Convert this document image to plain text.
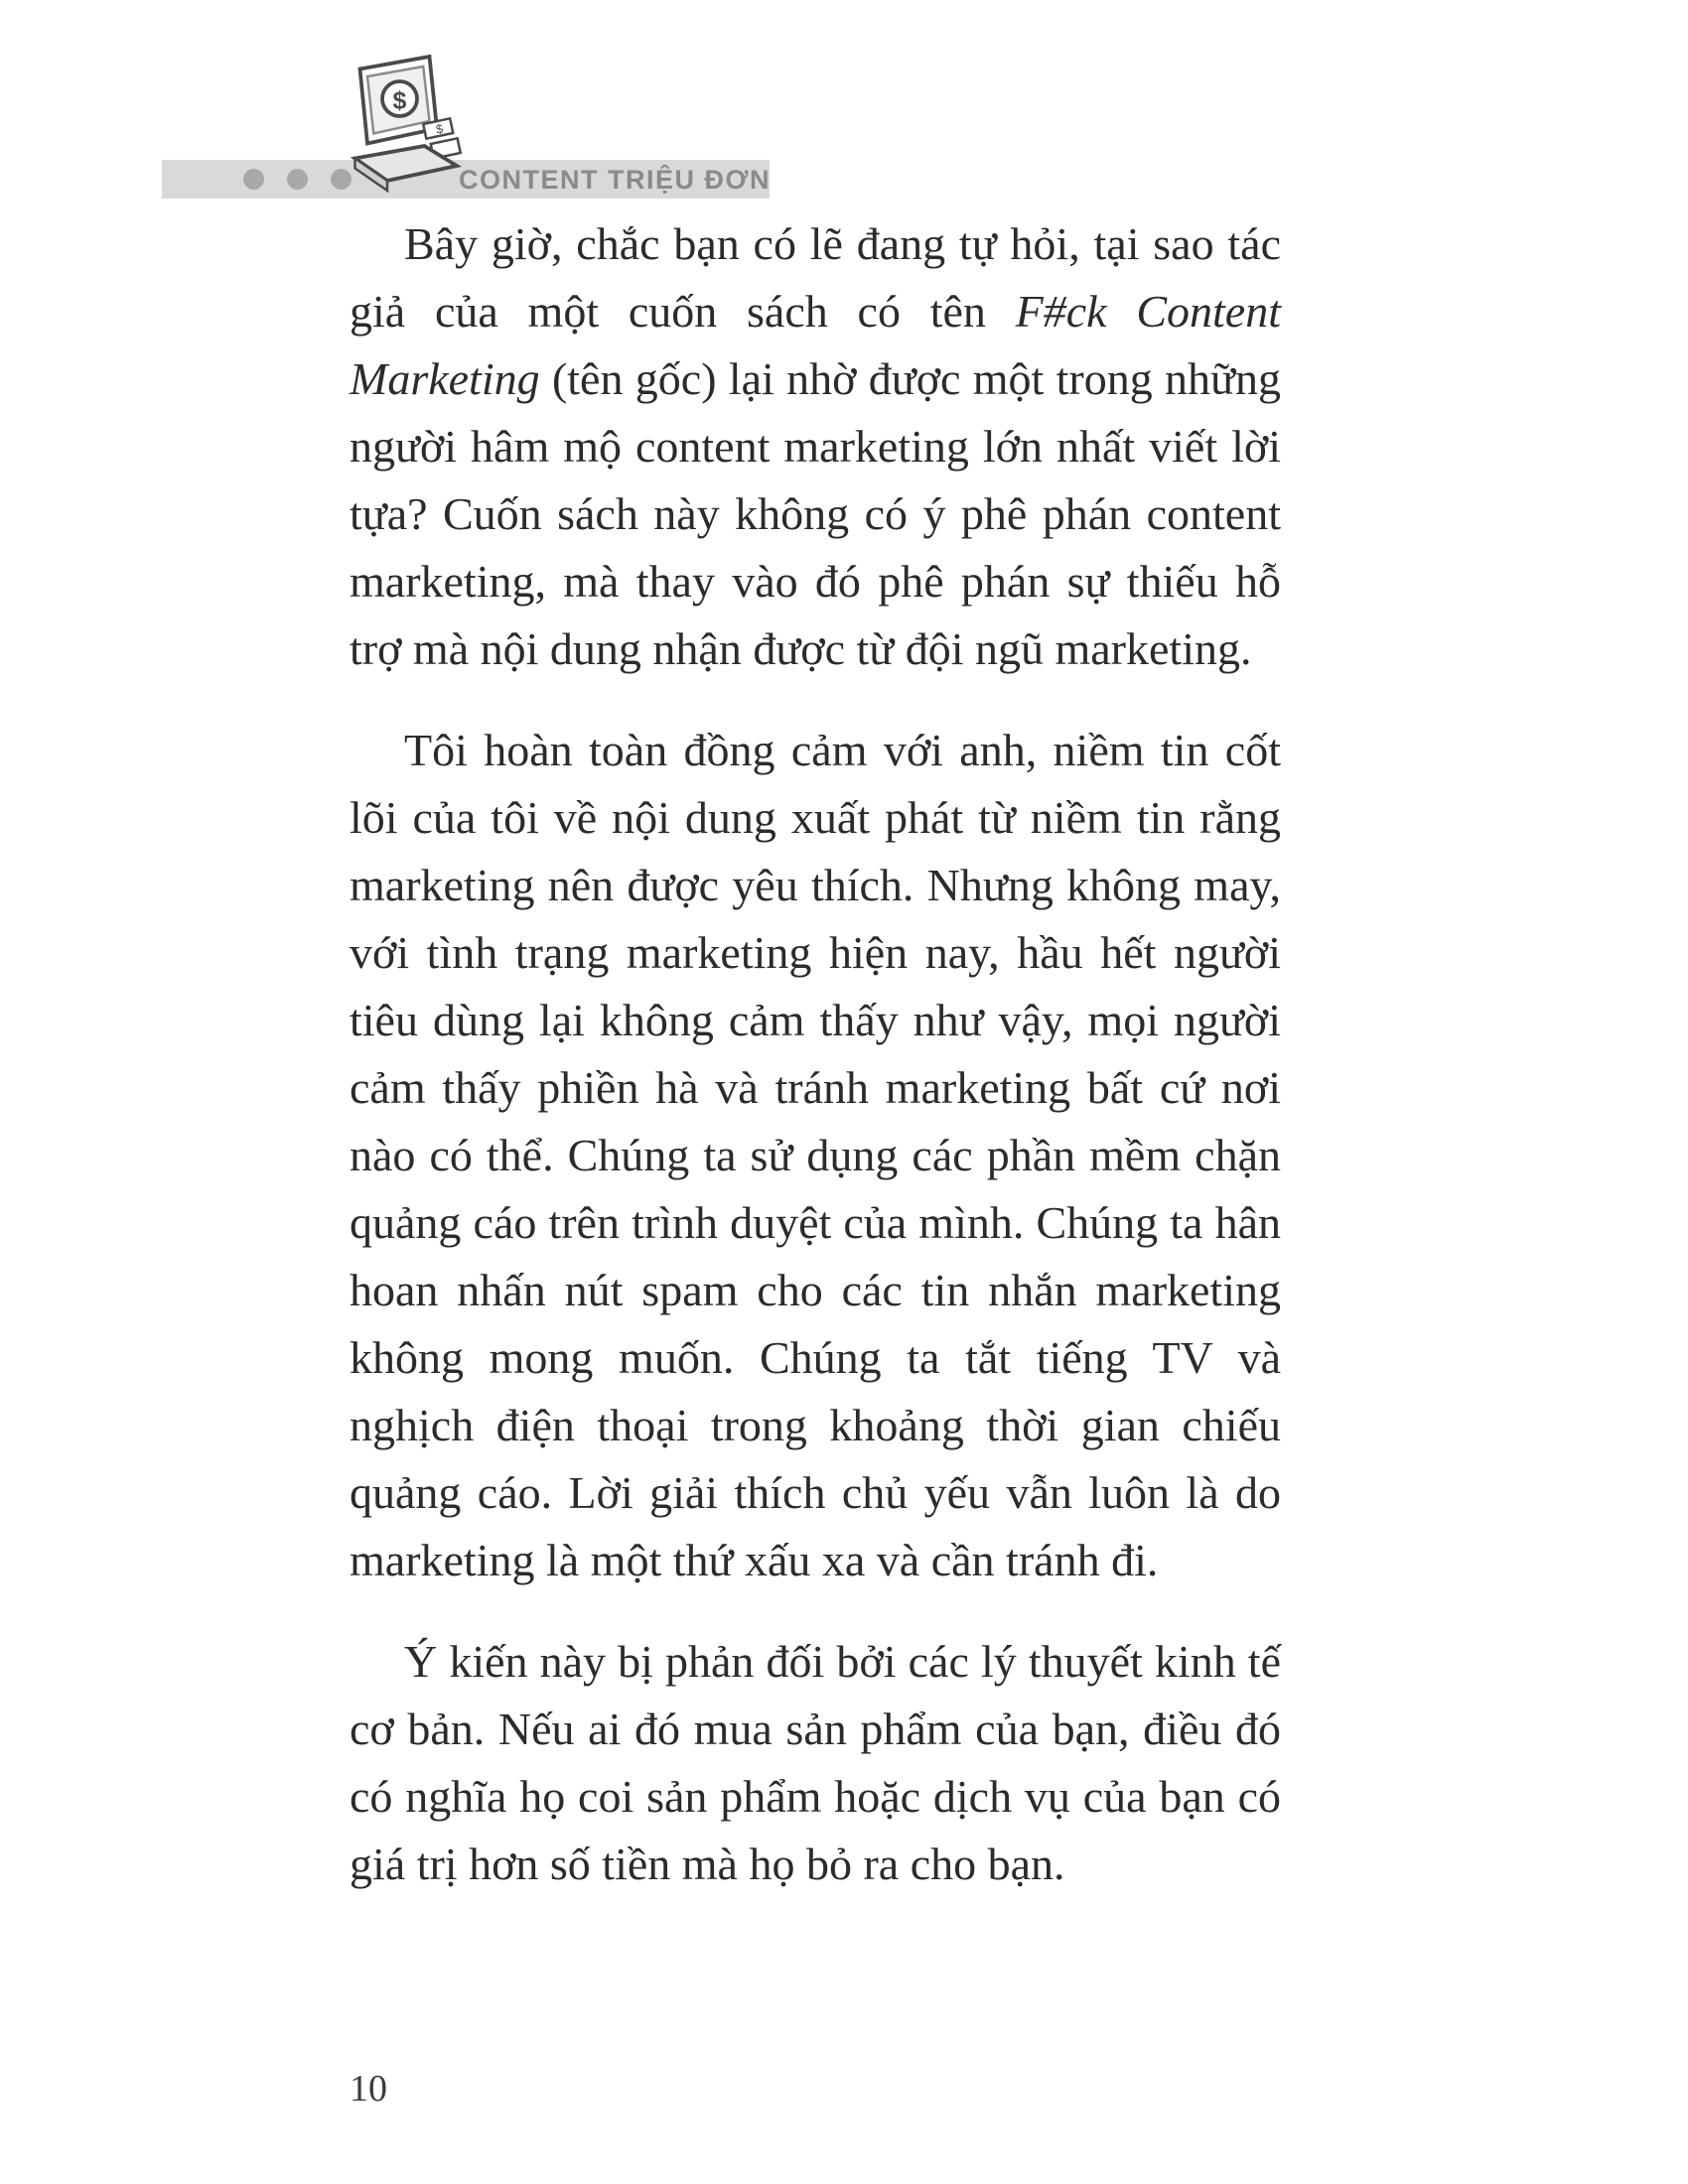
$
$
CONTENT TRIỆU ĐƠN

Bây giờ, chắc bạn có lẽ đang tự hỏi, tại sao tác giả của một cuốn sách có tên F#ck Content Marketing (tên gốc) lại nhờ được một trong những người hâm mộ content marketing lớn nhất viết lời tựa? Cuốn sách này không có ý phê phán content marketing, mà thay vào đó phê phán sự thiếu hỗ trợ mà nội dung nhận được từ đội ngũ marketing.

Tôi hoàn toàn đồng cảm với anh, niềm tin cốt lõi của tôi về nội dung xuất phát từ niềm tin rằng marketing nên được yêu thích. Nhưng không may, với tình trạng marketing hiện nay, hầu hết người tiêu dùng lại không cảm thấy như vậy, mọi người cảm thấy phiền hà và tránh marketing bất cứ nơi nào có thể. Chúng ta sử dụng các phần mềm chặn quảng cáo trên trình duyệt của mình. Chúng ta hân hoan nhấn nút spam cho các tin nhắn marketing không mong muốn. Chúng ta tắt tiếng TV và nghịch điện thoại trong khoảng thời gian chiếu quảng cáo. Lời giải thích chủ yếu vẫn luôn là do marketing là một thứ xấu xa và cần tránh đi.

Ý kiến này bị phản đối bởi các lý thuyết kinh tế cơ bản. Nếu ai đó mua sản phẩm của bạn, điều đó có nghĩa họ coi sản phẩm hoặc dịch vụ của bạn có giá trị hơn số tiền mà họ bỏ ra cho bạn.

10
